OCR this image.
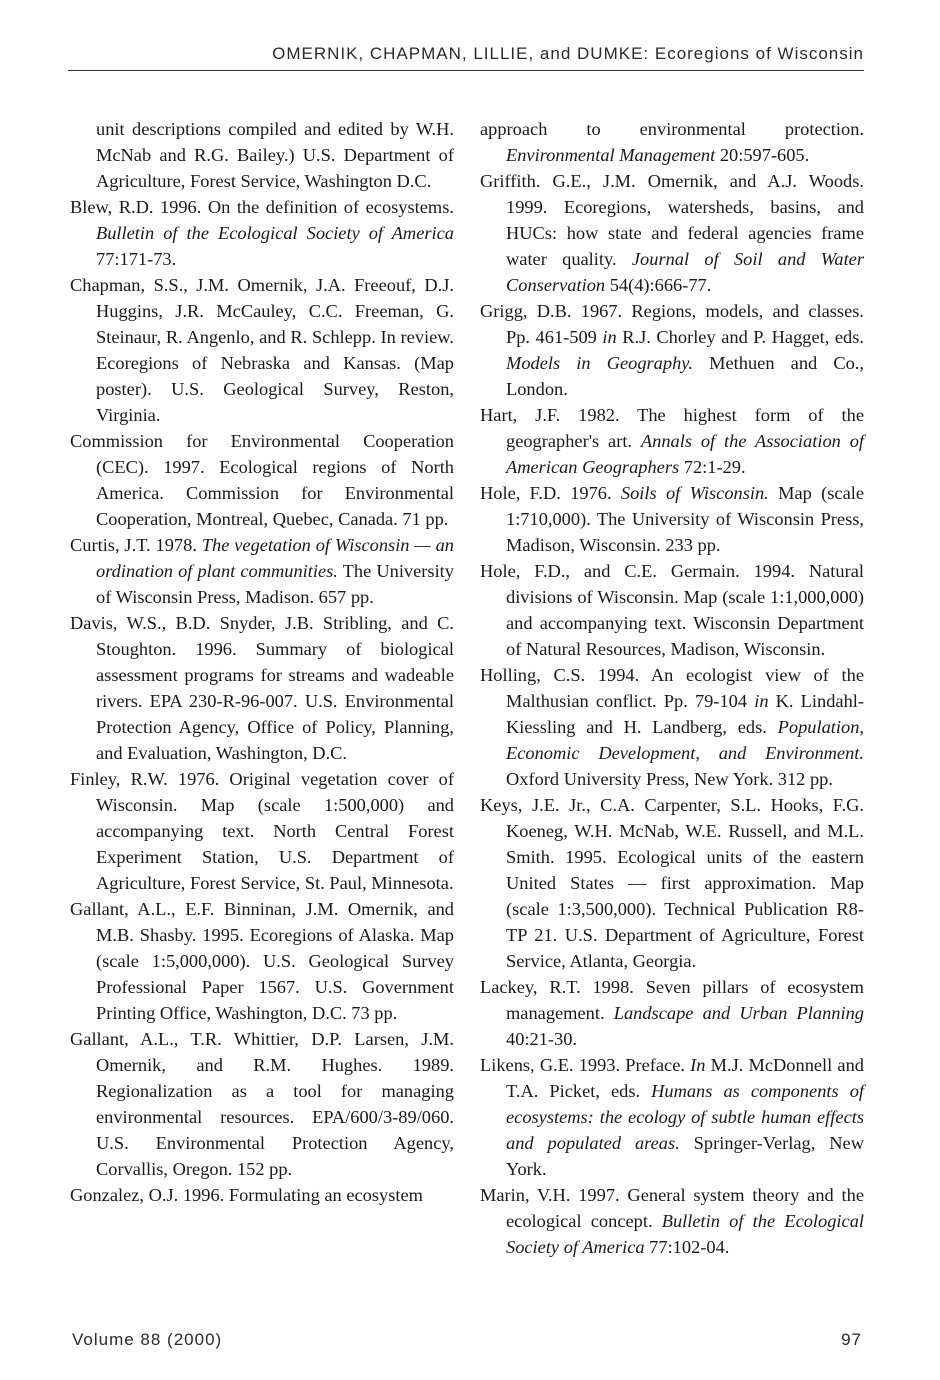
OMERNIK, CHAPMAN, LILLIE, and DUMKE: Ecoregions of Wisconsin

unit descriptions compiled and edited by W.H. McNab and R.G. Bailey.) U.S. Department of Agriculture, Forest Service, Washington D.C.

Blew, R.D. 1996. On the definition of ecosystems. Bulletin of the Ecological Society of America 77:171-73.

Chapman, S.S., J.M. Omernik, J.A. Freeouf, D.J. Huggins, J.R. McCauley, C.C. Freeman, G. Steinaur, R. Angenlo, and R. Schlepp. In review. Ecoregions of Nebraska and Kansas. (Map poster). U.S. Geological Survey, Reston, Virginia.

Commission for Environmental Cooperation (CEC). 1997. Ecological regions of North America. Commission for Environmental Cooperation, Montreal, Quebec, Canada. 71 pp.

Curtis, J.T. 1978. The vegetation of Wisconsin — an ordination of plant communities. The University of Wisconsin Press, Madison. 657 pp.

Davis, W.S., B.D. Snyder, J.B. Stribling, and C. Stoughton. 1996. Summary of biological assessment programs for streams and wadeable rivers. EPA 230-R-96-007. U.S. Environmental Protection Agency, Office of Policy, Planning, and Evaluation, Washington, D.C.

Finley, R.W. 1976. Original vegetation cover of Wisconsin. Map (scale 1:500,000) and accompanying text. North Central Forest Experiment Station, U.S. Department of Agriculture, Forest Service, St. Paul, Minnesota.

Gallant, A.L., E.F. Binninan, J.M. Omernik, and M.B. Shasby. 1995. Ecoregions of Alaska. Map (scale 1:5,000,000). U.S. Geological Survey Professional Paper 1567. U.S. Government Printing Office, Washington, D.C. 73 pp.

Gallant, A.L., T.R. Whittier, D.P. Larsen, J.M. Omernik, and R.M. Hughes. 1989. Regionalization as a tool for managing environmental resources. EPA/600/3-89/060. U.S. Environmental Protection Agency, Corvallis, Oregon. 152 pp.

Gonzalez, O.J. 1996. Formulating an ecosystem

approach to environmental protection. Environmental Management 20:597-605.

Griffith. G.E., J.M. Omernik, and A.J. Woods. 1999. Ecoregions, watersheds, basins, and HUCs: how state and federal agencies frame water quality. Journal of Soil and Water Conservation 54(4):666-77.

Grigg, D.B. 1967. Regions, models, and classes. Pp. 461-509 in R.J. Chorley and P. Hagget, eds. Models in Geography. Methuen and Co., London.

Hart, J.F. 1982. The highest form of the geographer's art. Annals of the Association of American Geographers 72:1-29.

Hole, F.D. 1976. Soils of Wisconsin. Map (scale 1:710,000). The University of Wisconsin Press, Madison, Wisconsin. 233 pp.

Hole, F.D., and C.E. Germain. 1994. Natural divisions of Wisconsin. Map (scale 1:1,000,000) and accompanying text. Wisconsin Department of Natural Resources, Madison, Wisconsin.

Holling, C.S. 1994. An ecologist view of the Malthusian conflict. Pp. 79-104 in K. Lindahl-Kiessling and H. Landberg, eds. Population, Economic Development, and Environment. Oxford University Press, New York. 312 pp.

Keys, J.E. Jr., C.A. Carpenter, S.L. Hooks, F.G. Koeneg, W.H. McNab, W.E. Russell, and M.L. Smith. 1995. Ecological units of the eastern United States — first approximation. Map (scale 1:3,500,000). Technical Publication R8-TP 21. U.S. Department of Agriculture, Forest Service, Atlanta, Georgia.

Lackey, R.T. 1998. Seven pillars of ecosystem management. Landscape and Urban Planning 40:21-30.

Likens, G.E. 1993. Preface. In M.J. McDonnell and T.A. Picket, eds. Humans as components of ecosystems: the ecology of subtle human effects and populated areas. Springer-Verlag, New York.

Marin, V.H. 1997. General system theory and the ecological concept. Bulletin of the Ecological Society of America 77:102-04.

Volume 88 (2000)	97
